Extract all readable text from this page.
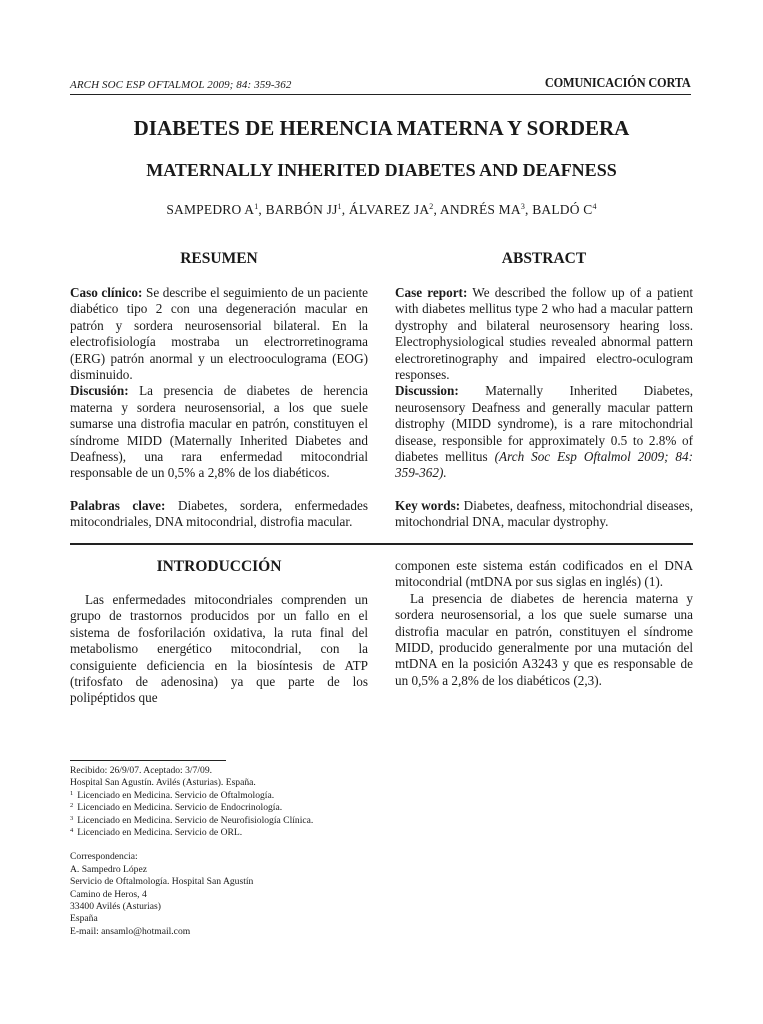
ARCH SOC ESP OFTALMOL 2009; 84: 359-362	COMUNICACIÓN CORTA
DIABETES DE HERENCIA MATERNA Y SORDERA
MATERNALLY INHERITED DIABETES AND DEAFNESS
SAMPEDRO $A^1$, BARBÓN $JJ^1$, ÁLVAREZ $JA^2$, ANDRÉS $MA^3$, BALDÓ $C^4$
RESUMEN

Caso clínico: Se describe el seguimiento de un paciente diabético tipo 2 con una degeneración macular en patrón y sordera neurosensorial bilateral. En la electrofisiología mostraba un electrorretinograma (ERG) patrón anormal y un electrooculograma (EOG) disminuido.

Discusión: La presencia de diabetes de herencia materna y sordera neurosensorial, a los que suele sumarse una distrofia macular en patrón, constituyen el síndrome MIDD (Maternally Inherited Diabetes and Deafness), una rara enfermedad mitocondrial responsable de un 0,5% a 2,8% de los diabéticos.

Palabras clave: Diabetes, sordera, enfermedades mitocondriales, DNA mitocondrial, distrofia macular.

ABSTRACT

Case report: We described the follow up of a patient with diabetes mellitus type 2 who had a macular pattern dystrophy and bilateral neurosensory hearing loss. Electrophysiological studies revealed abnormal pattern electroretinography and impaired electro-oculogram responses.

Discussion: Maternally Inherited Diabetes, neurosensory Deafness and generally macular pattern distrophy (MIDD syndrome), is a rare mitochondrial disease, responsible for approximately 0.5 to 2.8% of diabetes mellitus (Arch Soc Esp Oftalmol 2009; 84: 359-362).

Key words: Diabetes, deafness, mitochondrial diseases, mitochondrial DNA, macular dystrophy.

INTRODUCCIÓN

Las enfermedades mitocondriales comprenden un grupo de trastornos producidos por un fallo en el sistema de fosforilación oxidativa, la ruta final del metabolismo energético mitocondrial, con la consiguiente deficiencia en la biosíntesis de ATP (trifosfato de adenosina) ya que parte de los polipéptidos que

componen este sistema están codificados en el DNA mitocondrial (mtDNA por sus siglas en inglés) (1).

La presencia de diabetes de herencia materna y sordera neurosensorial, a los que suele sumarse una distrofia macular en patrón, constituyen el síndrome MIDD, producido generalmente por una mutación del mtDNA en la posición A3243 y que es responsable de un 0,5% a 2,8% de los diabéticos (2,3).

Recibido: 26/9/07. Aceptado: 3/7/09.
Hospital San Agustín. Avilés (Asturias). España.
$^1$ Licenciado en Medicina. Servicio de Oftalmología.
$^2$ Licenciado en Medicina. Servicio de Endocrinología.
$^3$ Licenciado en Medicina. Servicio de Neurofisiología Clínica.
$^4$ Licenciado en Medicina. Servicio de ORL.
Correspondencia:
A. Sampedro López
Servicio de Oftalmología. Hospital San Agustín
Camino de Heros, 4
33400 Avilés (Asturias)
España
E-mail: ansamlo@hotmail.com
